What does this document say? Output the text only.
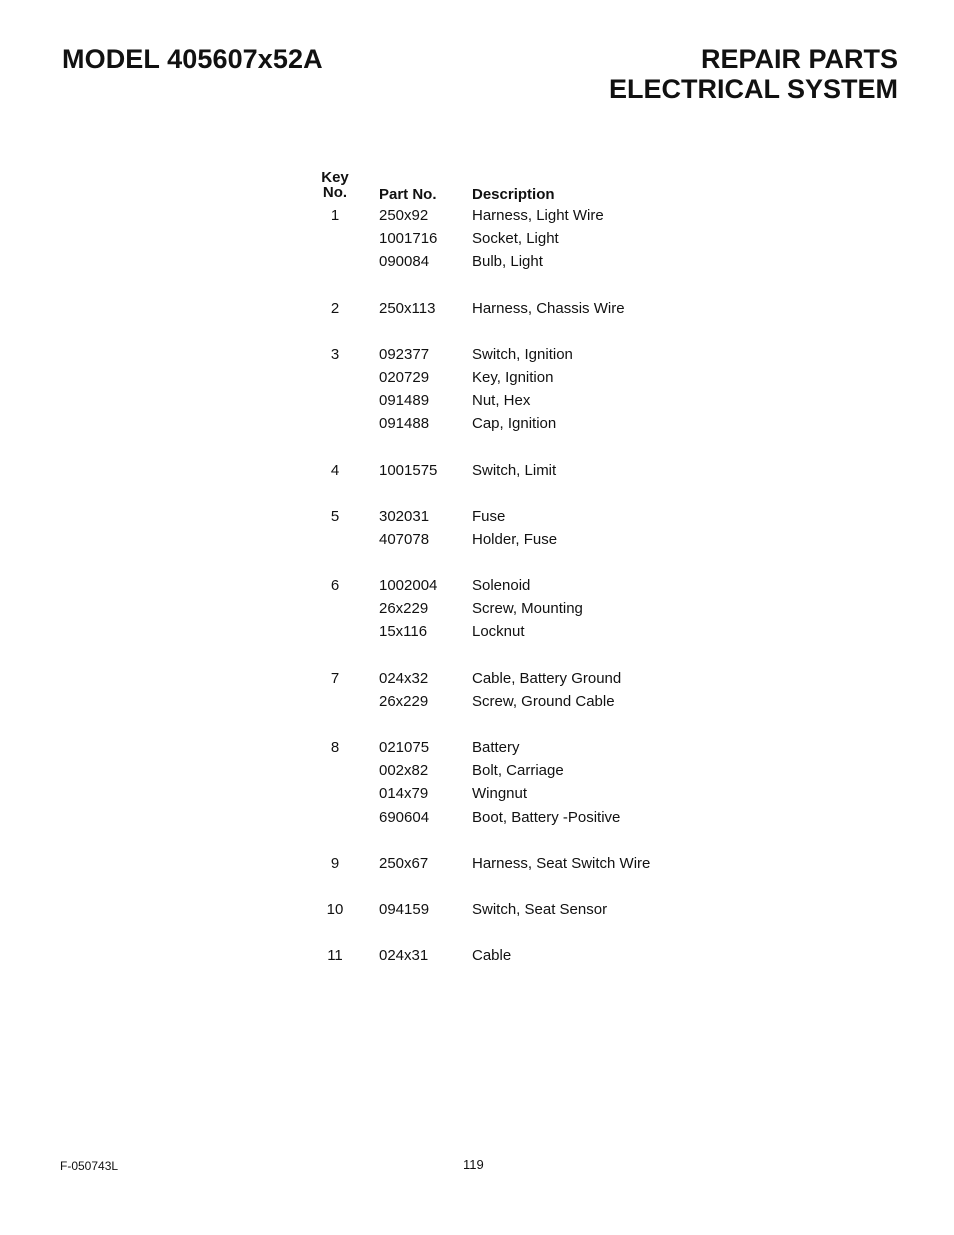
MODEL 405607x52A	REPAIR PARTS
ELECTRICAL SYSTEM
Key
No.	Part No. Description
1	250x92	Harness, Light Wire
1001716 Socket, Light
090084	Bulb, Light
2	250x113 Harness, Chassis Wire
3	092377	Switch, Ignition
020729	Key, Ignition
091489	Nut, Hex
091488	Cap, Ignition
4	1001575 Switch, Limit
5	302031	Fuse
407078	Holder, Fuse
6	1002004 Solenoid
26x229	Screw, Mounting
15x116	Locknut
7	024x32	Cable, Battery Ground
26x229	Screw, Ground Cable
8	021075	Battery
002x82	Bolt, Carriage
014x79	Wingnut
690604	Boot, Battery -Positive
9	250x67	Harness, Seat Switch Wire
10	094159	Switch, Seat Sensor
11	024x31	Cable
F-050743L	119
